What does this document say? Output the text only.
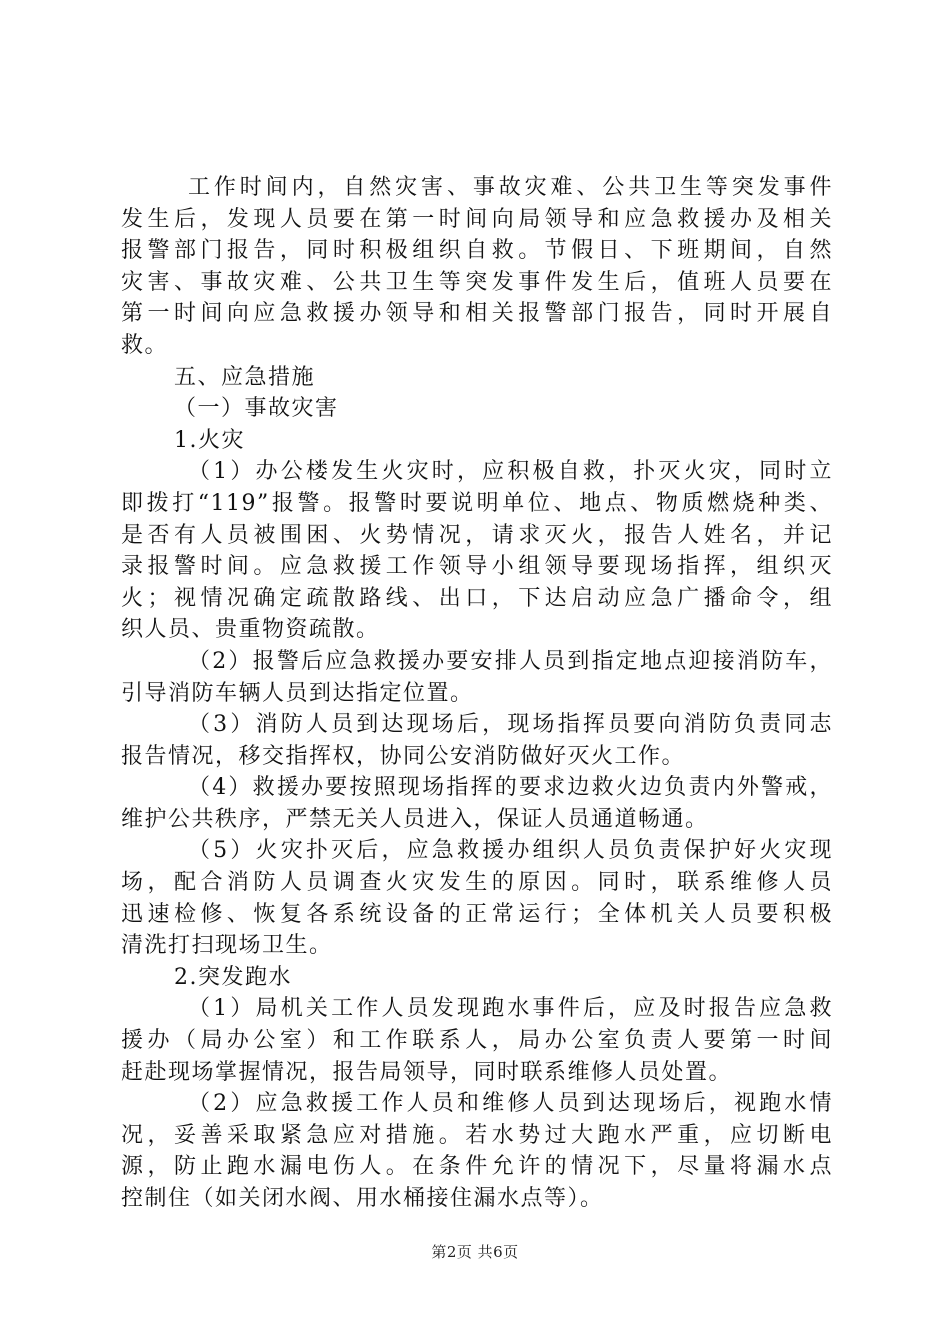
工作时间内，自然灾害、事故灾难、公共卫生等突发事件
发生后，发现人员要在第一时间向局领导和应急救援办及相关
报警部门报告，同时积极组织自救。节假日、下班期间，自然
灾害、事故灾难、公共卫生等突发事件发生后，值班人员要在
第一时间向应急救援办领导和相关报警部门报告，同时开展自
救。
五、应急措施
（一）事故灾害
1.火灾
（1）办公楼发生火灾时，应积极自救，扑灭火灾，同时立
即拨打“119”报警。报警时要说明单位、地点、物质燃烧种类、
是否有人员被围困、火势情况，请求灭火，报告人姓名，并记
录报警时间。应急救援工作领导小组领导要现场指挥，组织灭
火；视情况确定疏散路线、出口，下达启动应急广播命令，组
织人员、贵重物资疏散。
（2）报警后应急救援办要安排人员到指定地点迎接消防车，
引导消防车辆人员到达指定位置。
（3）消防人员到达现场后，现场指挥员要向消防负责同志
报告情况，移交指挥权，协同公安消防做好灭火工作。
（4）救援办要按照现场指挥的要求边救火边负责内外警戒，
维护公共秩序，严禁无关人员进入，保证人员通道畅通。
（5）火灾扑灭后，应急救援办组织人员负责保护好火灾现
场，配合消防人员调查火灾发生的原因。同时，联系维修人员
迅速检修、恢复各系统设备的正常运行；全体机关人员要积极
清洗打扫现场卫生。
2.突发跑水
（1）局机关工作人员发现跑水事件后，应及时报告应急救
援办（局办公室）和工作联系人，局办公室负责人要第一时间
赶赴现场掌握情况，报告局领导，同时联系维修人员处置。
（2）应急救援工作人员和维修人员到达现场后，视跑水情
况，妥善采取紧急应对措施。若水势过大跑水严重，应切断电
源，防止跑水漏电伤人。在条件允许的情况下，尽量将漏水点
控制住（如关闭水阀、用水桶接住漏水点等）。
第2页 共6页
